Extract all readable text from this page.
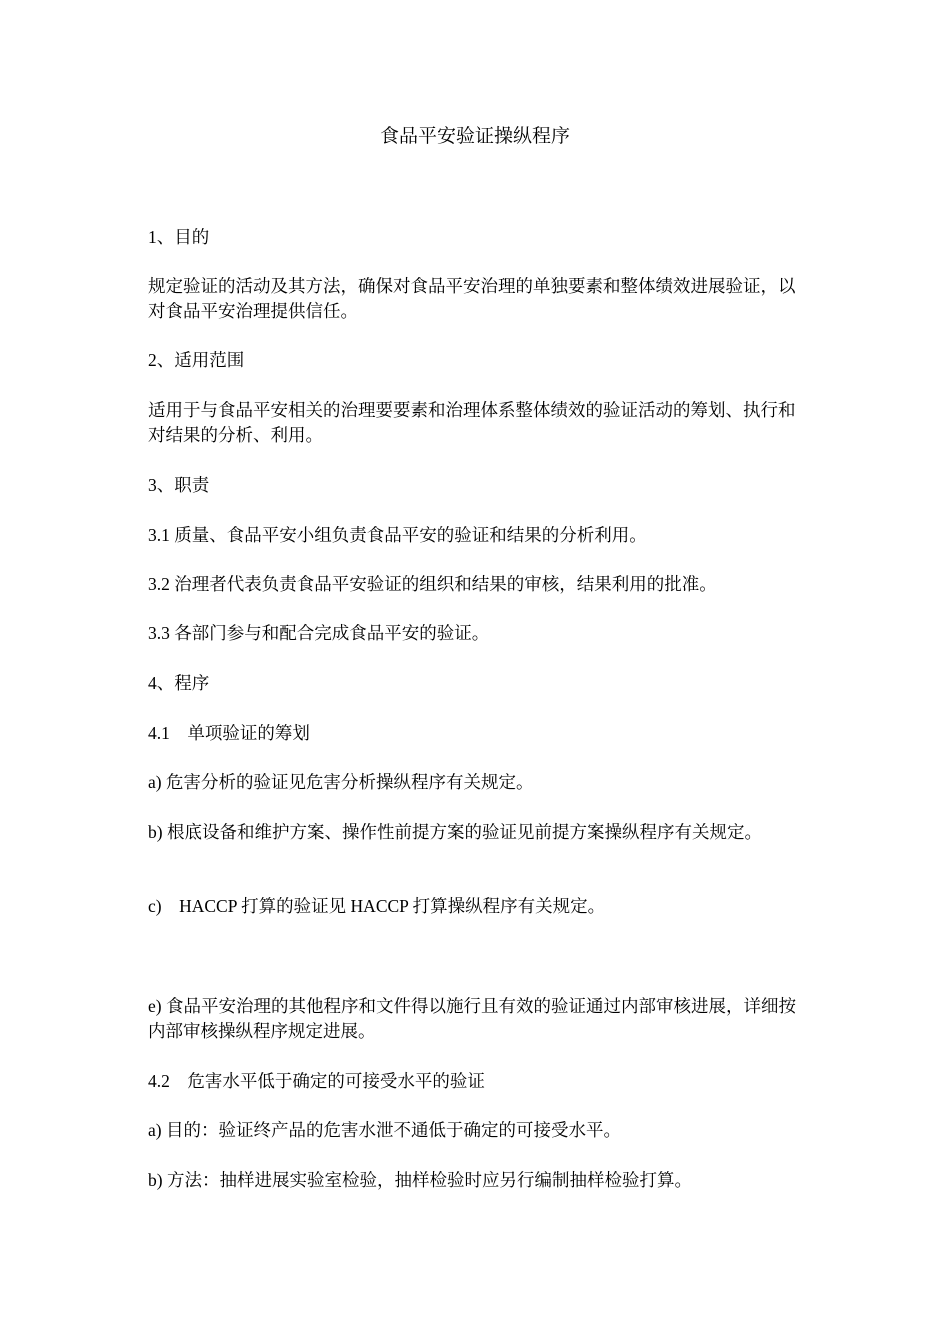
食品平安验证操纵程序

1、目的

规定验证的活动及其方法，确保对食品平安治理的单独要素和整体绩效进展验证，以对食品平安治理提供信任。

2、适用范围

适用于与食品平安相关的治理要要素和治理体系整体绩效的验证活动的筹划、执行和对结果的分析、利用。

3、职责

3.1 质量、食品平安小组负责食品平安的验证和结果的分析利用。

3.2 治理者代表负责食品平安验证的组织和结果的审核，结果利用的批准。

3.3 各部门参与和配合完成食品平安的验证。

4、程序

4.1　单项验证的筹划

a) 危害分析的验证见危害分析操纵程序有关规定。

b) 根底设备和维护方案、操作性前提方案的验证见前提方案操纵程序有关规定。

c)　HACCP 打算的验证见 HACCP 打算操纵程序有关规定。

e) 食品平安治理的其他程序和文件得以施行且有效的验证通过内部审核进展，详细按内部审核操纵程序规定进展。

4.2　危害水平低于确定的可接受水平的验证

a) 目的：验证终产品的危害水泄不通低于确定的可接受水平。

b) 方法：抽样进展实验室检验，抽样检验时应另行编制抽样检验打算。
